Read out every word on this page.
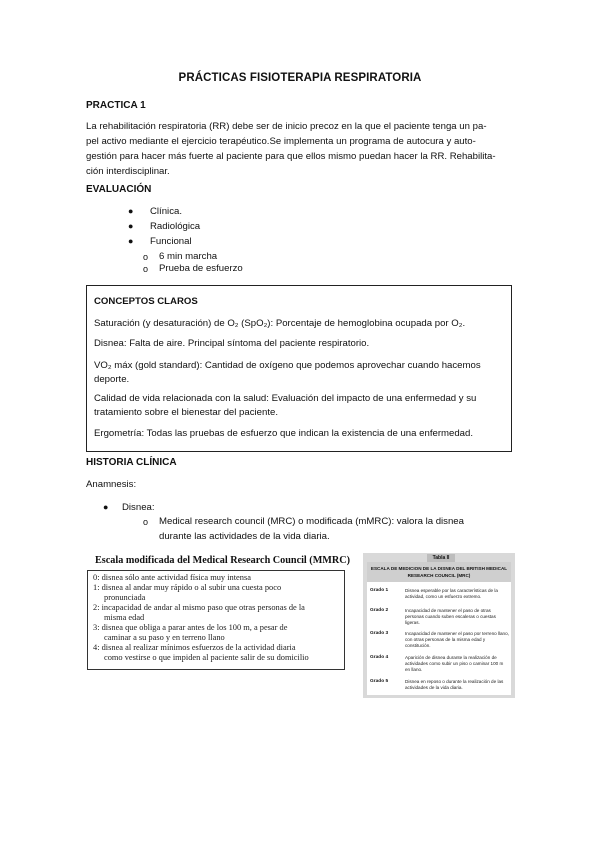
PRÁCTICAS FISIOTERAPIA RESPIRATORIA
PRACTICA 1
La rehabilitación respiratoria (RR) debe ser de inicio precoz en la que el paciente tenga un pa-
pel activo mediante el ejercicio terapéutico.Se implementa un programa de autocura y auto-
gestión para hacer más fuerte al paciente para que ellos mismo puedan hacer la RR. Rehabilita-
ción interdisciplinar.
EVALUACIÓN
● Clínica.
● Radiológica
● Funcional
o 6 min marcha
o Prueba de esfuerzo
CONCEPTOS CLAROS
Saturación (y desaturación) de O₂ (SpO₂): Porcentaje de hemoglobina ocupada por O₂.
Disnea: Falta de aire. Principal síntoma del paciente respiratorio.
VO₂ máx (gold standard): Cantidad de oxígeno que podemos aprovechar cuando hacemos deporte.
Calidad de vida relacionada con la salud: Evaluación del impacto de una enfermedad y su tratamiento sobre el bienestar del paciente.
Ergometría: Todas las pruebas de esfuerzo que indican la existencia de una enfermedad.
HISTORIA CLÍNICA
Anamnesis:
● Disnea:
o Medical research council (MRC) o modificada (mMRC): valora la disnea
durante las actividades de la vida diaria.
Escala modificada del Medical Research Council (MMRC)
0: disnea sólo ante actividad física muy intensa
1: disnea al andar muy rápido o al subir una cuesta poco
pronunciada
2: incapacidad de andar al mismo paso que otras personas de la
misma edad
3: disnea que obliga a parar antes de los 100 m, a pesar de
caminar a su paso y en terreno llano
4: disnea al realizar mínimos esfuerzos de la actividad diaria
como vestirse o que impiden al paciente salir de su domicilio
Tabla II
ESCALA DE MEDICION DE LA DISNEA DEL BRITISH MEDICAL RESEARCH COUNCIL (MRC)
Grado 1	Disnea esperable por las características de la actividad, como un esfuerzo extremo.
Grado 2	Incapacidad de mantener el paso de otras personas cuando suben escaleras o cuestas ligeras.
Grado 3	Incapacidad de mantener el paso por terreno llano, con otras personas de la misma edad y constitución.
Grado 4	Aparición de disnea durante la realización de actividades como subir un piso o caminar 100 m en llano.
Grado 5	Disnea en reposo o durante la realización de las actividades de la vida diaria.
